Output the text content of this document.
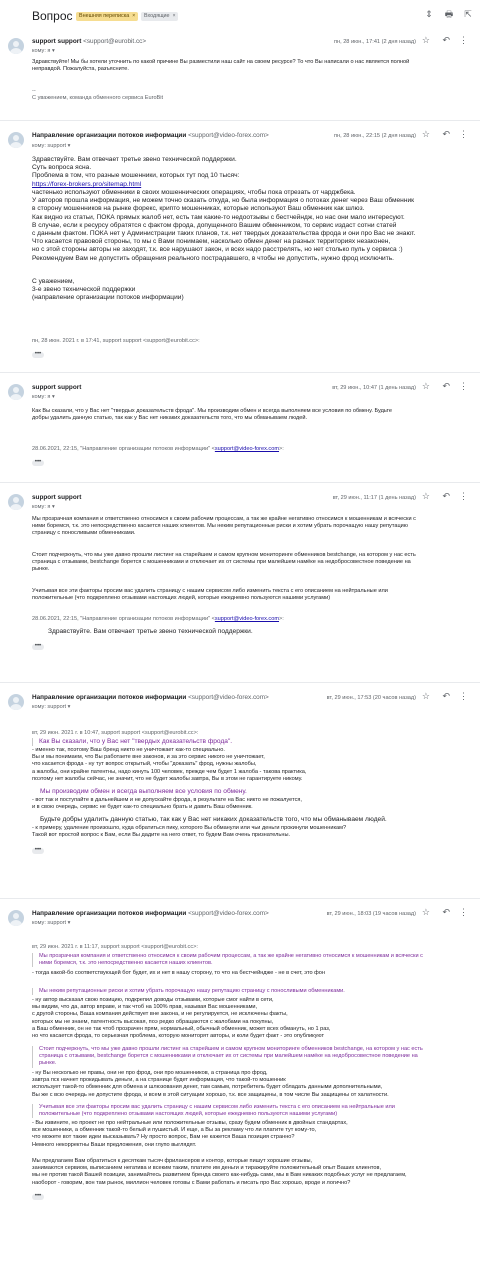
Вопрос	Внешняя переписка ×	Входящие ×	⇕ 🖶 ⇱
support support <support@eurobit.cc>
кому: я ▾
пн, 28 июн., 17:41 (2 дня назад) ☆ ↶ ⋮
Здравствуйте! Мы бы хотели уточнить по какой причине Вы разместили наш сайт на своем ресурсе? То что Вы написали о нас является полной
неправдой. Пожалуйста, разъясните.
--
С уважением, команда обменного сервиса EuroBit
Направление организации потоков информации <support@video-forex.com>
кому: support ▾
пн, 28 июн., 22:15 (2 дня назад) ☆ ↶ ⋮
Здравствуйте. Вам отвечает третье звено технической поддержки.
Суть вопроса ясна.
Проблема в том, что разные мошенники, которых тут под 10 тысяч:
https://forex-brokers.pro/sitemap.html
частенько используют обменники в своих мошеннических операциях, чтобы пока отрезать от чарджбека.
У авторов прошла информация, не можем точно сказать откуда, но была информация о потоках денег через Ваш обменник
в сторону мошенников на рынке форекс, крипто мошенниках, которые используют Ваш обменник как шлюз.
Как видно из статьи, ПОКА прямых жалоб нет, есть там какие-то недоотзывы с бестчейндж, но нас они мало интересуют.
В случае, если к ресурсу обратятся с фактом фрода, допущенного Вашим обменником, то сервис издаст сотни статей
с данным фактом. ПОКА нет у Администрации таких планов, т.к. нет твердых доказательства фрода и они про Вас не знают.
Что касается правовой стороны, то мы с Вами понимаем, насколько обмен денег на разных территориях незаконен,
но с этой стороны авторы не заходят, т.к. все нарушают закон, и всех надо расстрелять, но нет столько пуль у сервиса :)
Рекомендуем Вам не допустить обращения реального пострадавшего, в чтобы не допустить, нужно фрод исключить.
С уважением,
3-е звено технической поддержки
(направление организации потоков информации)
пн, 28 июн. 2021 г. в 17:41, support support <support@eurobit.cc>:
•••
support support
кому: я ▾
вт, 29 июн., 10:47 (1 день назад) ☆ ↶ ⋮
Как Вы сказали, что у Вас нет "твердых доказательств фрода". Мы производим обмен и всегда выполняем все условия по обмену. Будьте
добры удалить данную статью, так как у Вас нет никаких доказательств того, что мы обманываем людей.
28.06.2021, 22:15, "Направление организации потоков информации" <support@video-forex.com>:
•••
support support
кому: я ▾
вт, 29 июн., 11:17 (1 день назад) ☆ ↶ ⋮
Мы прозрачная компания и ответственно относимся к своим рабочим процессам, а так же крайне негативно относимся к мошенникам и всячески с
ними боремся, т.к. это непосредственно касается наших клиентов. Мы неким репутационные риски и хотим убрать порочащую нашу репутацию
страницу с поносливыми обменниками.
Стоит подчеркнуть, что мы уже давно прошли листинг на старейшем и самом крупном мониторинге обменников bestchange, на котором у нас есть
страница с отзывами, bestchange борется с мошенниками и отключает их от системы при малейшем намёке на недобросовестное поведение на
рынке.
Учитывая все эти факторы просим вас удалить страницу с нашим сервисом либо изменить текста с его описанием на нейтральные или
положительные (что подкреплено отзывами настоящих людей, которые ежедневно пользуются нашими услугами)
28.06.2021, 22:15, "Направление организации потоков информации" <support@video-forex.com>:
Здравствуйте. Вам отвечает третье звено технической поддержки.
•••
Направление организации потоков информации <support@video-forex.com>
кому: support ▾
вт, 29 июн., 17:53 (20 часов назад) ☆ ↶ ⋮
вт, 29 июн. 2021 г. в 10:47, support support <support@eurobit.cc>:
Как Вы сказали, что у Вас нет "твердых доказательств фрода".
- именно так, поэтому Ваш бренд никто не уничтожает как-то специально.
Вы и мы понимаем, что Вы работаете вне законов, и за это сервис никого не уничтожает,
что касается фрода - ну тут вопрос открытый, чтобы "доказать" фрод, нужны жалобы,
а жалобы, они крайне патентны, надо кинуть 100 человек, прежде чем будет 1 жалоба - такова практика,
поэтому нет жалобы сейчас, не значит, что не будет жалобы завтра, Вы в этом не гарантируете никому.
Мы производим обмен и всегда выполняем все условия по обмену.
- вот так и поступайте в дальнейшем и не допускайте фрода, в результате на Вас никто не пожалуется,
и в свою очередь, сервис не будет как-то специально брать и давить Ваш обменник.
Будьте добры удалить данную статью, так как у Вас нет никаких доказательств того, что мы обманываем людей.
- к примеру, удаление произошло, куда обратиться пику, которого Вы обманули или чьи деньги прокинули мошенникам?
Такой вот простой вопрос к Вам, если Вы дадите на него ответ, то будем Вам очень признательны.
•••
Направление организации потоков информации <support@video-forex.com>
кому: support ▾
вт, 29 июн., 18:03 (19 часов назад) ☆ ↶ ⋮
вт, 29 июн. 2021 г. в 11:17, support support <support@eurobit.cc>:
Мы прозрачная компания и ответственно относимся к своим рабочим процессам, а так же крайне негативно относимся к мошенникам и всячески с
ними боремся, т.к. это непосредственно касается наших клиентов.
- тогда какой-бо соответствующей бот будет, их и нет в нашу сторону, то что на бестчейндже - не в счет, это фон
Мы неким репутационные риски и хотим убрать порочащую нашу репутацию страницу с поносливыми обменниками.
- ну автор высказал свою позицию, подкрепил доводы отзывами, которые смог найти в сети,
мы видим, что да, автор вправе, и так чтоб на 100% прав, называя Вас мошенниками,
с другой стороны, Ваша компания действует вне закона, и не регулируется, не исключены факты,
которых мы не знаем, патентность высокая, поэ редко обращаются с жалобами на покупны,
а Ваш обменник, он не так чтоб прозрачен прям, нормальный, обычный обменник, может всех обмануть, но 1 раз,
но что касается фрода, то серьезная проблема, которую мониторят авторы, и коли будет факт - это опубликуют
Стоит подчеркнуть, что мы уже давно прошли листинг на старейшем и самом крупном мониторинге обменников bestchange, на котором у нас есть
страница с отзывами, bestchange борется с мошенниками и отключает их от системы при малейшем намёке на недобросовестное поведение на
рынке.
- ну Вы несколько не правы, они не про фрод, они про мошенников, а страница про фрод,
завтра пск начнет прокидывать деньги, а на странице будет информация, что такой-то мошенник
использует такой-то обменник для обмена и шлюзования денег, там самым, потребитель будет обладать данными дополнительными,
Вы же с всю очередь не допустите фрода, и всем в этой ситуации хорошо, т.к. все защищены, в том числе Вы защищены от халатности.
Учитывая все эти факторы просим вас удалить страницу с нашим сервисом либо изменить текста с его описанием на нейтральные или
положительные (что подкреплено отзывами настоящих людей, которые ежедневно пользуются нашими услугами)
- Вы извините, но проект не про нейтральные или положительные отзывы, сразу будем обменник в двойных стандартах,
все мошенники, а обменник такой-то белый и пушистый. И еще, а Вы за рекламу что ли платите тут кому-то,
что можете вот такие идеи высказывать? Ну просто вопрос, Вам не кажется Ваша позиция странно?
Немного некорректны Ваши предложения, они глупо выглядят.
Мы предлагаем Вам обратиться к десяткам тысяч фрилансеров и контор, которые пишут хорошие отзывы,
занимаются сервиом, выписанием негатива и всеким таким, платите им деньги и тиражируйте положительный опыт Ваших клиентов,
мы не против такой Вашей позиции, занимайтесь развитием бренда своего как-нибудь сами, мы в Вам никаких подобных услуг не предлагаем,
наоборот - говорим, вон там рынок, миллион человек готовы с Вами работать и писать про Вас хорошо, вроде и логично?
•••
